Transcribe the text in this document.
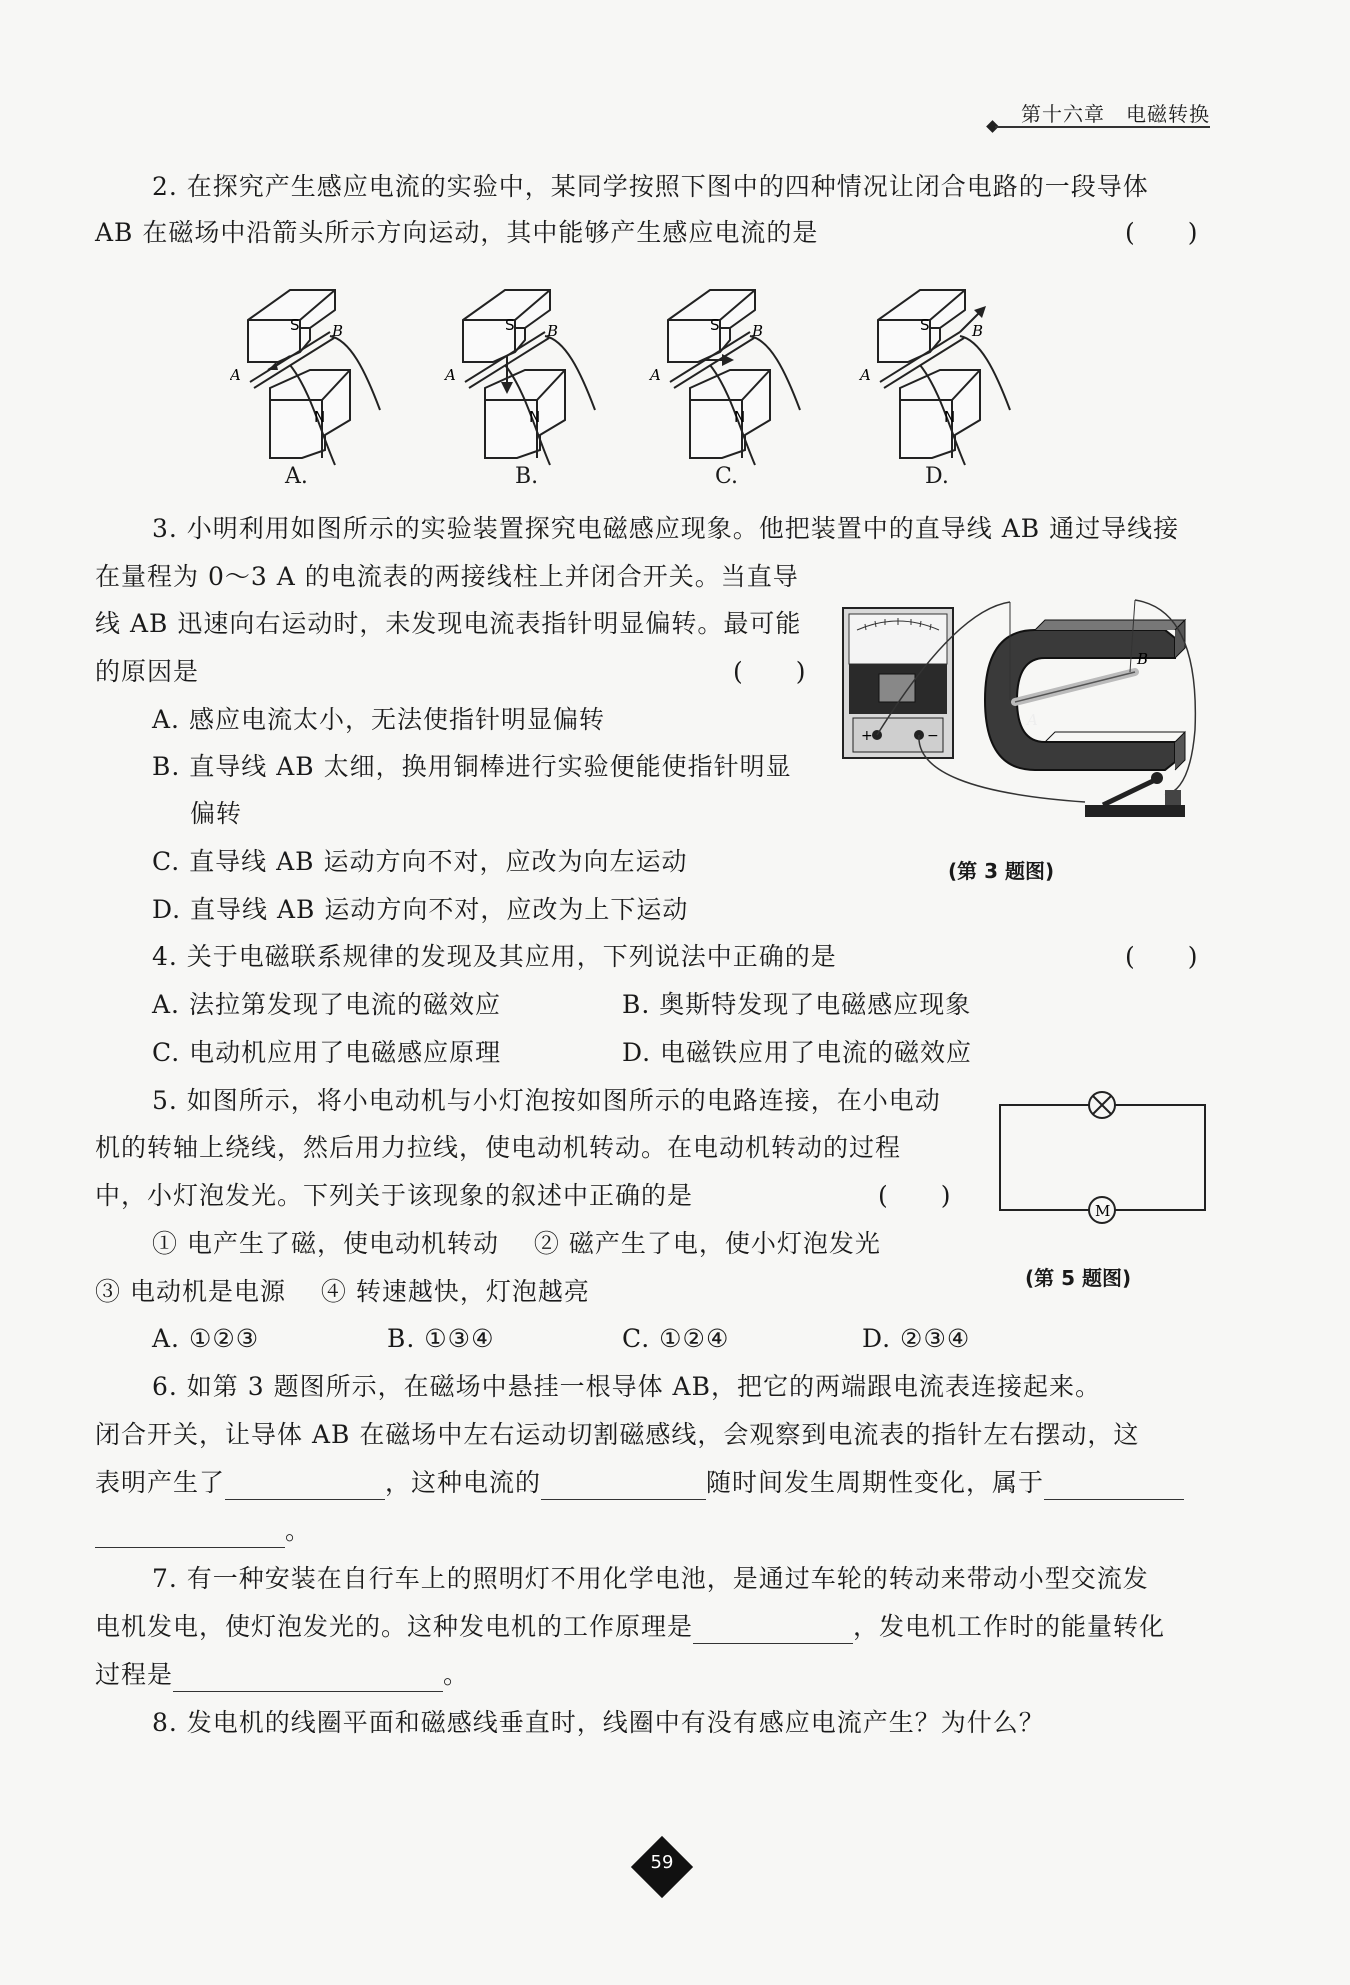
第十六章　电磁转换
2. 在探究产生感应电流的实验中，某同学按照下图中的四种情况让闭合电路的一段导体
AB 在磁场中沿箭头所示方向运动，其中能够产生感应电流的是	(　　)
S
N
A
B	S
N
A
B	S
N
A
B	S
N
A
B
A.	B.	C.	D.
3. 小明利用如图所示的实验装置探究电磁感应现象。他把装置中的直导线 AB 通过导线接
在量程为 0～3 A 的电流表的两接线柱上并闭合开关。当直导
线 AB 迅速向右运动时，未发现电流表指针明显偏转。最可能
的原因是	(　　)
A. 感应电流太小，无法使指针明显偏转
B. 直导线 AB 太细，换用铜棒进行实验便能使指针明显
偏转
C. 直导线 AB 运动方向不对，应改为向左运动
D. 直导线 AB 运动方向不对，应改为上下运动
+	−
A
B
(第 3 题图)
4. 关于电磁联系规律的发现及其应用，下列说法中正确的是	(　　)
A. 法拉第发现了电流的磁效应	B. 奥斯特发现了电磁感应现象
C. 电动机应用了电磁感应原理	D. 电磁铁应用了电流的磁效应
5. 如图所示，将小电动机与小灯泡按如图所示的电路连接，在小电动
机的转轴上绕线，然后用力拉线，使电动机转动。在电动机转动的过程
中，小灯泡发光。下列关于该现象的叙述中正确的是	(　　)
① 电产生了磁，使电动机转动　 ② 磁产生了电，使小灯泡发光
③ 电动机是电源　 ④ 转速越快，灯泡越亮
A. ①②③	B. ①③④	C. ①②④	D. ②③④
M
(第 5 题图)
6. 如第 3 题图所示，在磁场中悬挂一根导体 AB，把它的两端跟电流表连接起来。
闭合开关，让导体 AB 在磁场中左右运动切割磁感线，会观察到电流表的指针左右摆动，这
表明产生了	，这种电流的	随时间发生周期性变化，属于
。
7. 有一种安装在自行车上的照明灯不用化学电池，是通过车轮的转动来带动小型交流发
电机发电，使灯泡发光的。这种发电机的工作原理是	，发电机工作时的能量转化
过程是	。
8. 发电机的线圈平面和磁感线垂直时，线圈中有没有感应电流产生？为什么？
59
